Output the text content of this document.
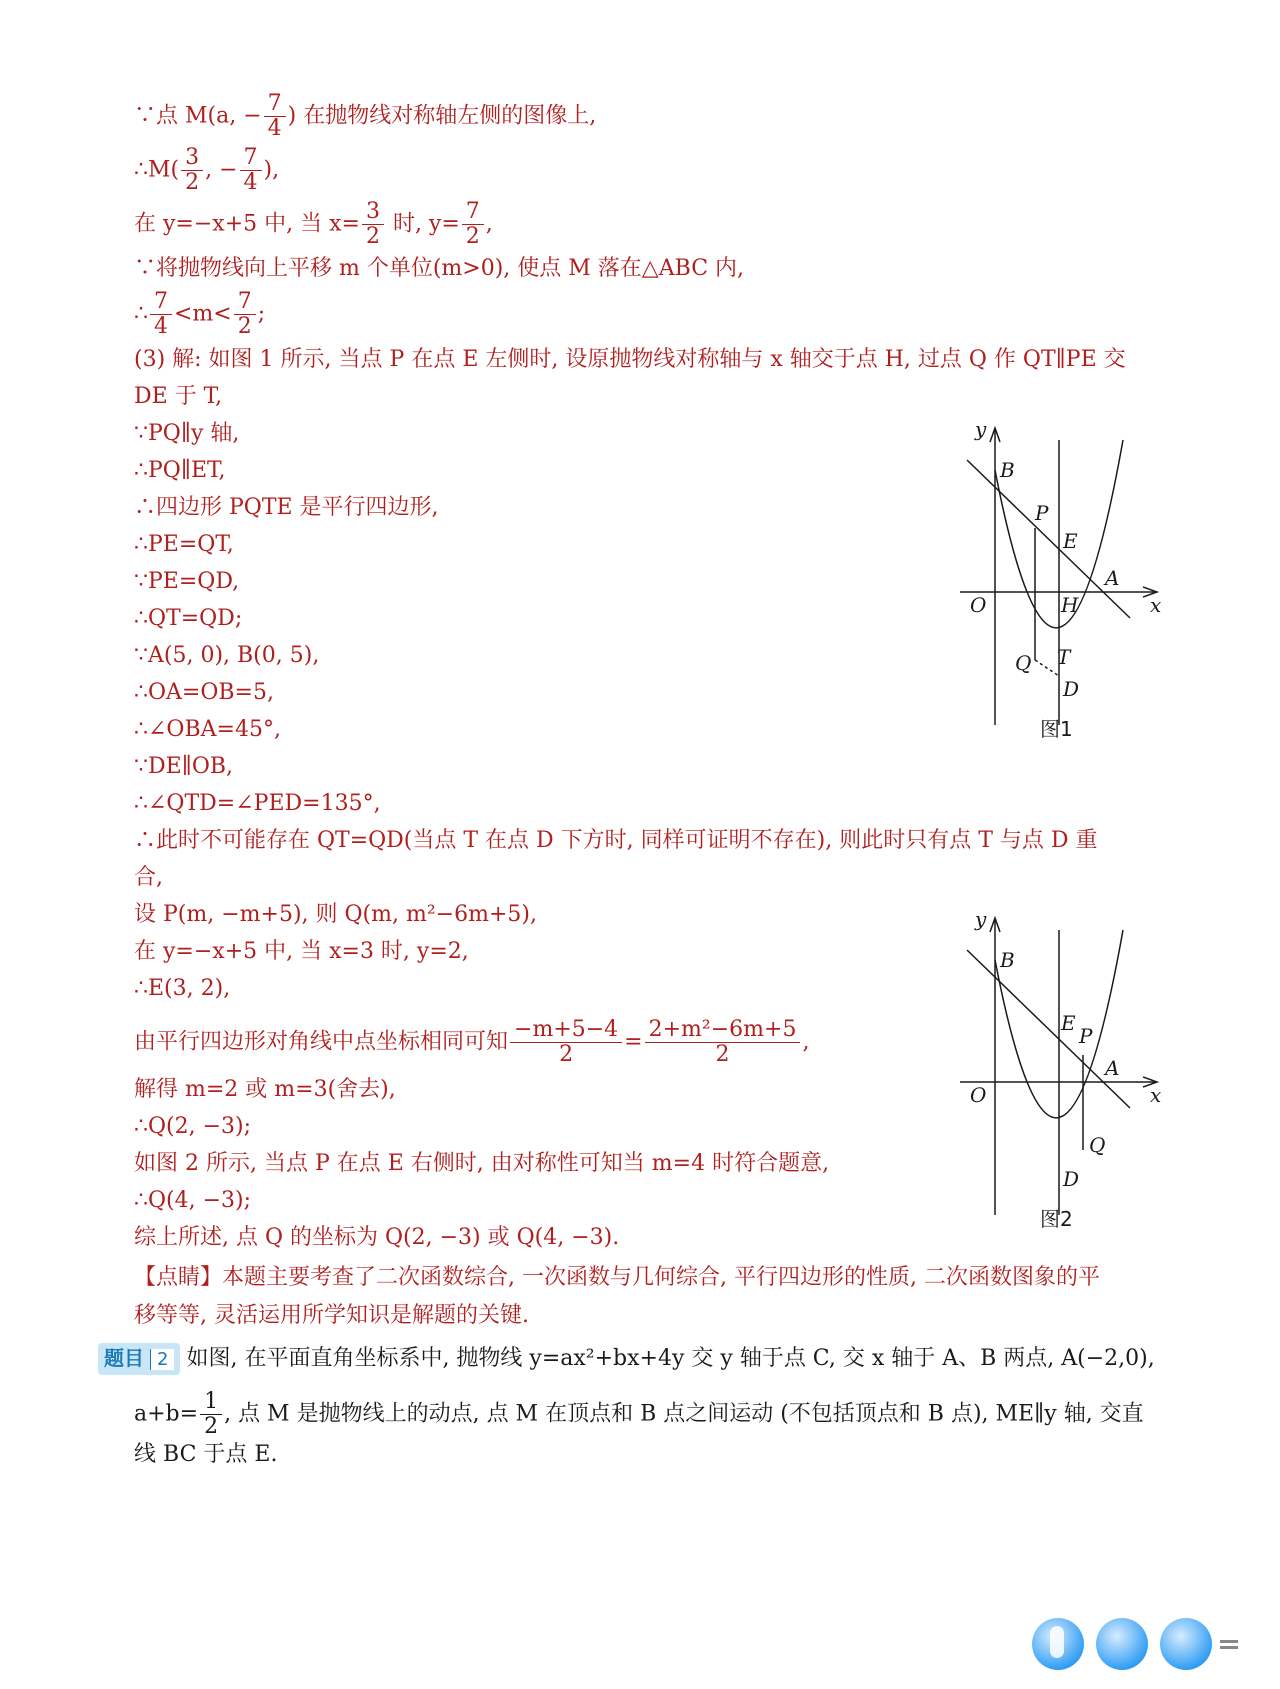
∵点 M(a, − $\frac{7}{4}$ ) 在抛物线对称轴左侧的图像上,
∴M( $\frac{3}{2}$ , − $\frac{7}{4}$ ),
在 y=−x+5 中, 当 $x= \frac{3}{2}$ 时, $y= \frac{7}{2}$ ,
∵将抛物线向上平移 m 个单位(m>0), 使点 M 落在△ABC 内,
∴ $\frac{7}{4} <m< \frac{7}{2}$ ;
(3) 解: 如图 1 所示, 当点 P 在点 E 左侧时, 设原抛物线对称轴与 x 轴交于点 H, 过点 Q 作 QT∥PE 交
DE 于 T,
∵PQ∥y 轴,
∴PQ∥ET,
∴四边形 PQTE 是平行四边形,
∴PE=QT,
∵PE=QD,
∴QT=QD;
∵A(5, 0), B(0, 5),
∴OA=OB=5,
∴∠OBA=45°,
∵DE∥OB,
∴∠QTD=∠PED=135°,
∴此时不可能存在 QT=QD(当点 T 在点 D 下方时, 同样可证明不存在), 则此时只有点 T 与点 D 重
合,
设 P(m, −m+5), 则 Q(m, m²−6m+5),
在 y=−x+5 中, 当 x=3 时, y=2,
∴E(3, 2),
由平行四边形对角线中点坐标相同可知 $\frac{-m+5-4}{2} = \frac{\text{2+m²−6m+5}}{2}$ ,
解得 m=2 或 m=3(舍去),
∴Q(2, −3);
如图 2 所示, 当点 P 在点 E 右侧时, 由对称性可知当 m=4 时符合题意,
∴Q(4, −3);
综上所述, 点 Q 的坐标为 Q(2, −3) 或 Q(4, −3).
【点睛】本题主要考查了二次函数综合, 一次函数与几何综合, 平行四边形的性质, 二次函数图象的平
移等等, 灵活运用所学知识是解题的关键.
题目 2 如图, 在平面直角坐标系中, 抛物线 y=ax²+bx+4y 交 y 轴于点 C, 交 x 轴于 A、B 两点, A(−2,0),
$a+b= \frac{1}{2}$ , 点 M 是抛物线上的动点, 点 M 在顶点和 B 点之间运动 (不包括顶点和 B 点), ME∥y 轴, 交直
线 BC 于点 E.
y
x
O
B
P
E
A
H
Q T
D
图1
y
x
O
B
E
P
A
Q
D
图2
